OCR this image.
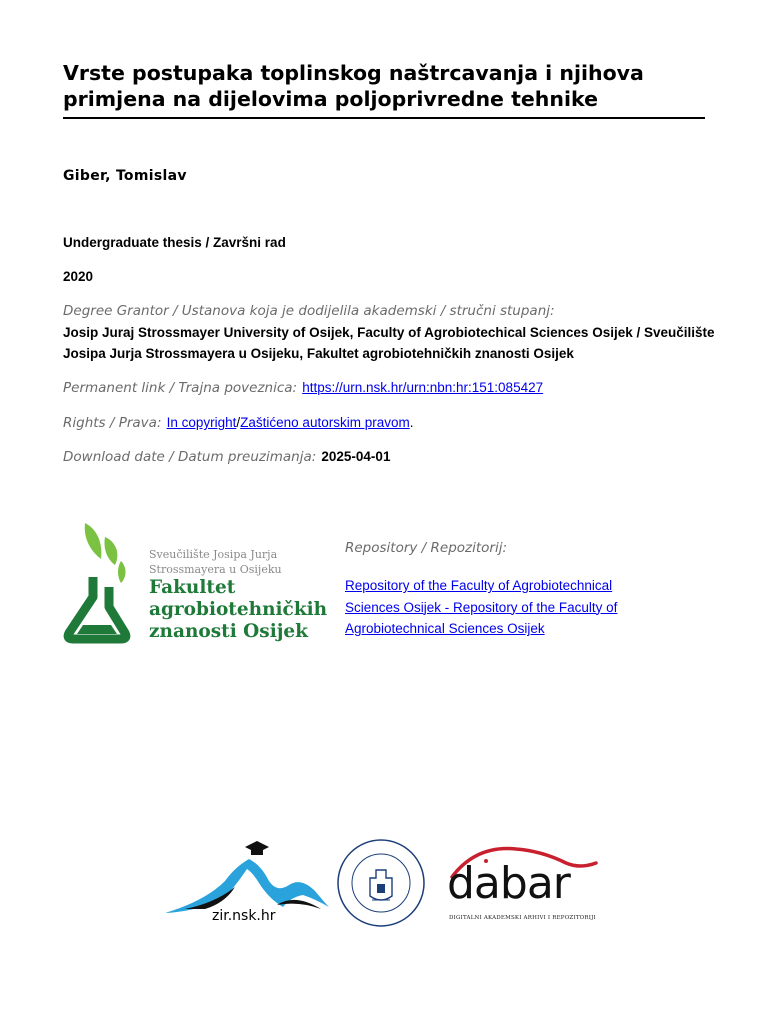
Vrste postupaka toplinskog naštrcavanja i njihova primjena na dijelovima poljoprivredne tehnike
Giber, Tomislav
Undergraduate thesis / Završni rad
2020
Degree Grantor / Ustanova koja je dodijelila akademski / stručni stupanj:
Josip Juraj Strossmayer University of Osijek, Faculty of Agrobiotechical Sciences Osijek / Sveučilište Josipa Jurja Strossmayera u Osijeku, Fakultet agrobiotehničkih znanosti Osijek
Permanent link / Trajna poveznica: https://urn.nsk.hr/urn:nbn:hr:151:085427
Rights / Prava: In copyright/Zaštićeno autorskim pravom.
Download date / Datum preuzimanja: 2025-04-01
Sveučilište Josipa Jurja Strossmayera u Osijeku
Fakultet agrobiotehničkih znanosti Osijek
Repository / Repozitorij:
Repository of the Faculty of Agrobiotechnical Sciences Osijek - Repository of the Faculty of Agrobiotechnical Sciences Osijek
zir.nsk.hr
dabar
DIGITALNI AKADEMSKI ARHIVI I REPOZITORIJI
